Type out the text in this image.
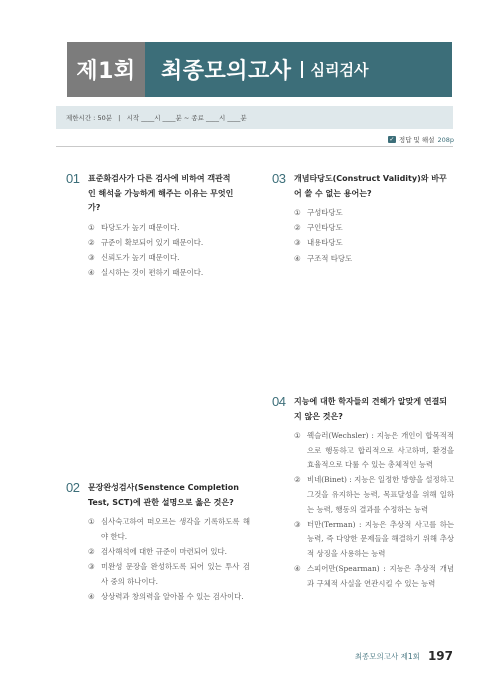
제1회	최종모의고사 심리검사
제한시간 : 50분   |   시작 ____시 ____분 ~ 종료 ____시 ____분
✓ 정답 및 해설 208p
01	표준화검사가 다른 검사에 비하여 객관적인 해석을 가능하게 해주는 이유는 무엇인가?
① 타당도가 높기 때문이다.
② 규준이 확보되어 있기 때문이다.
③ 신뢰도가 높기 때문이다.
④ 실시하는 것이 편하기 때문이다.
02	문장완성검사(Senstence Completion Test, SCT)에 관한 설명으로 옳은 것은?
① 심사숙고하여 떠오르는 생각을 기록하도록 해야 한다.
② 검사해석에 대한 규준이 마련되어 있다.
③ 미완성 문장을 완성하도록 되어 있는 투사 검사 중의 하나이다.
④ 상상력과 창의력을 알아볼 수 있는 검사이다.
03	개념타당도(Construct Validity)와 바꾸어 쓸 수 없는 용어는?
① 구성타당도
② 구인타당도
③ 내용타당도
④ 구조적 타당도
04	지능에 대한 학자들의 견해가 알맞게 연결되지 않은 것은?
① 웩슬러(Wechsler) : 지능은 개인이 합목적적으로 행동하고 합리적으로 사고하며, 환경을 효율적으로 다룰 수 있는 총체적인 능력
② 비네(Binet) : 지능은 일정한 방향을 설정하고 그것을 유지하는 능력, 목표달성을 위해 일하는 능력, 행동의 결과를 수정하는 능력
③ 터만(Terman) : 지능은 추상적 사고를 하는 능력, 즉 다양한 문제들을 해결하기 위해 추상적 상징을 사용하는 능력
④ 스피어만(Spearman) : 지능은 추상적 개념과 구체적 사실을 연관시킬 수 있는 능력
최종모의고사 제1회 197
